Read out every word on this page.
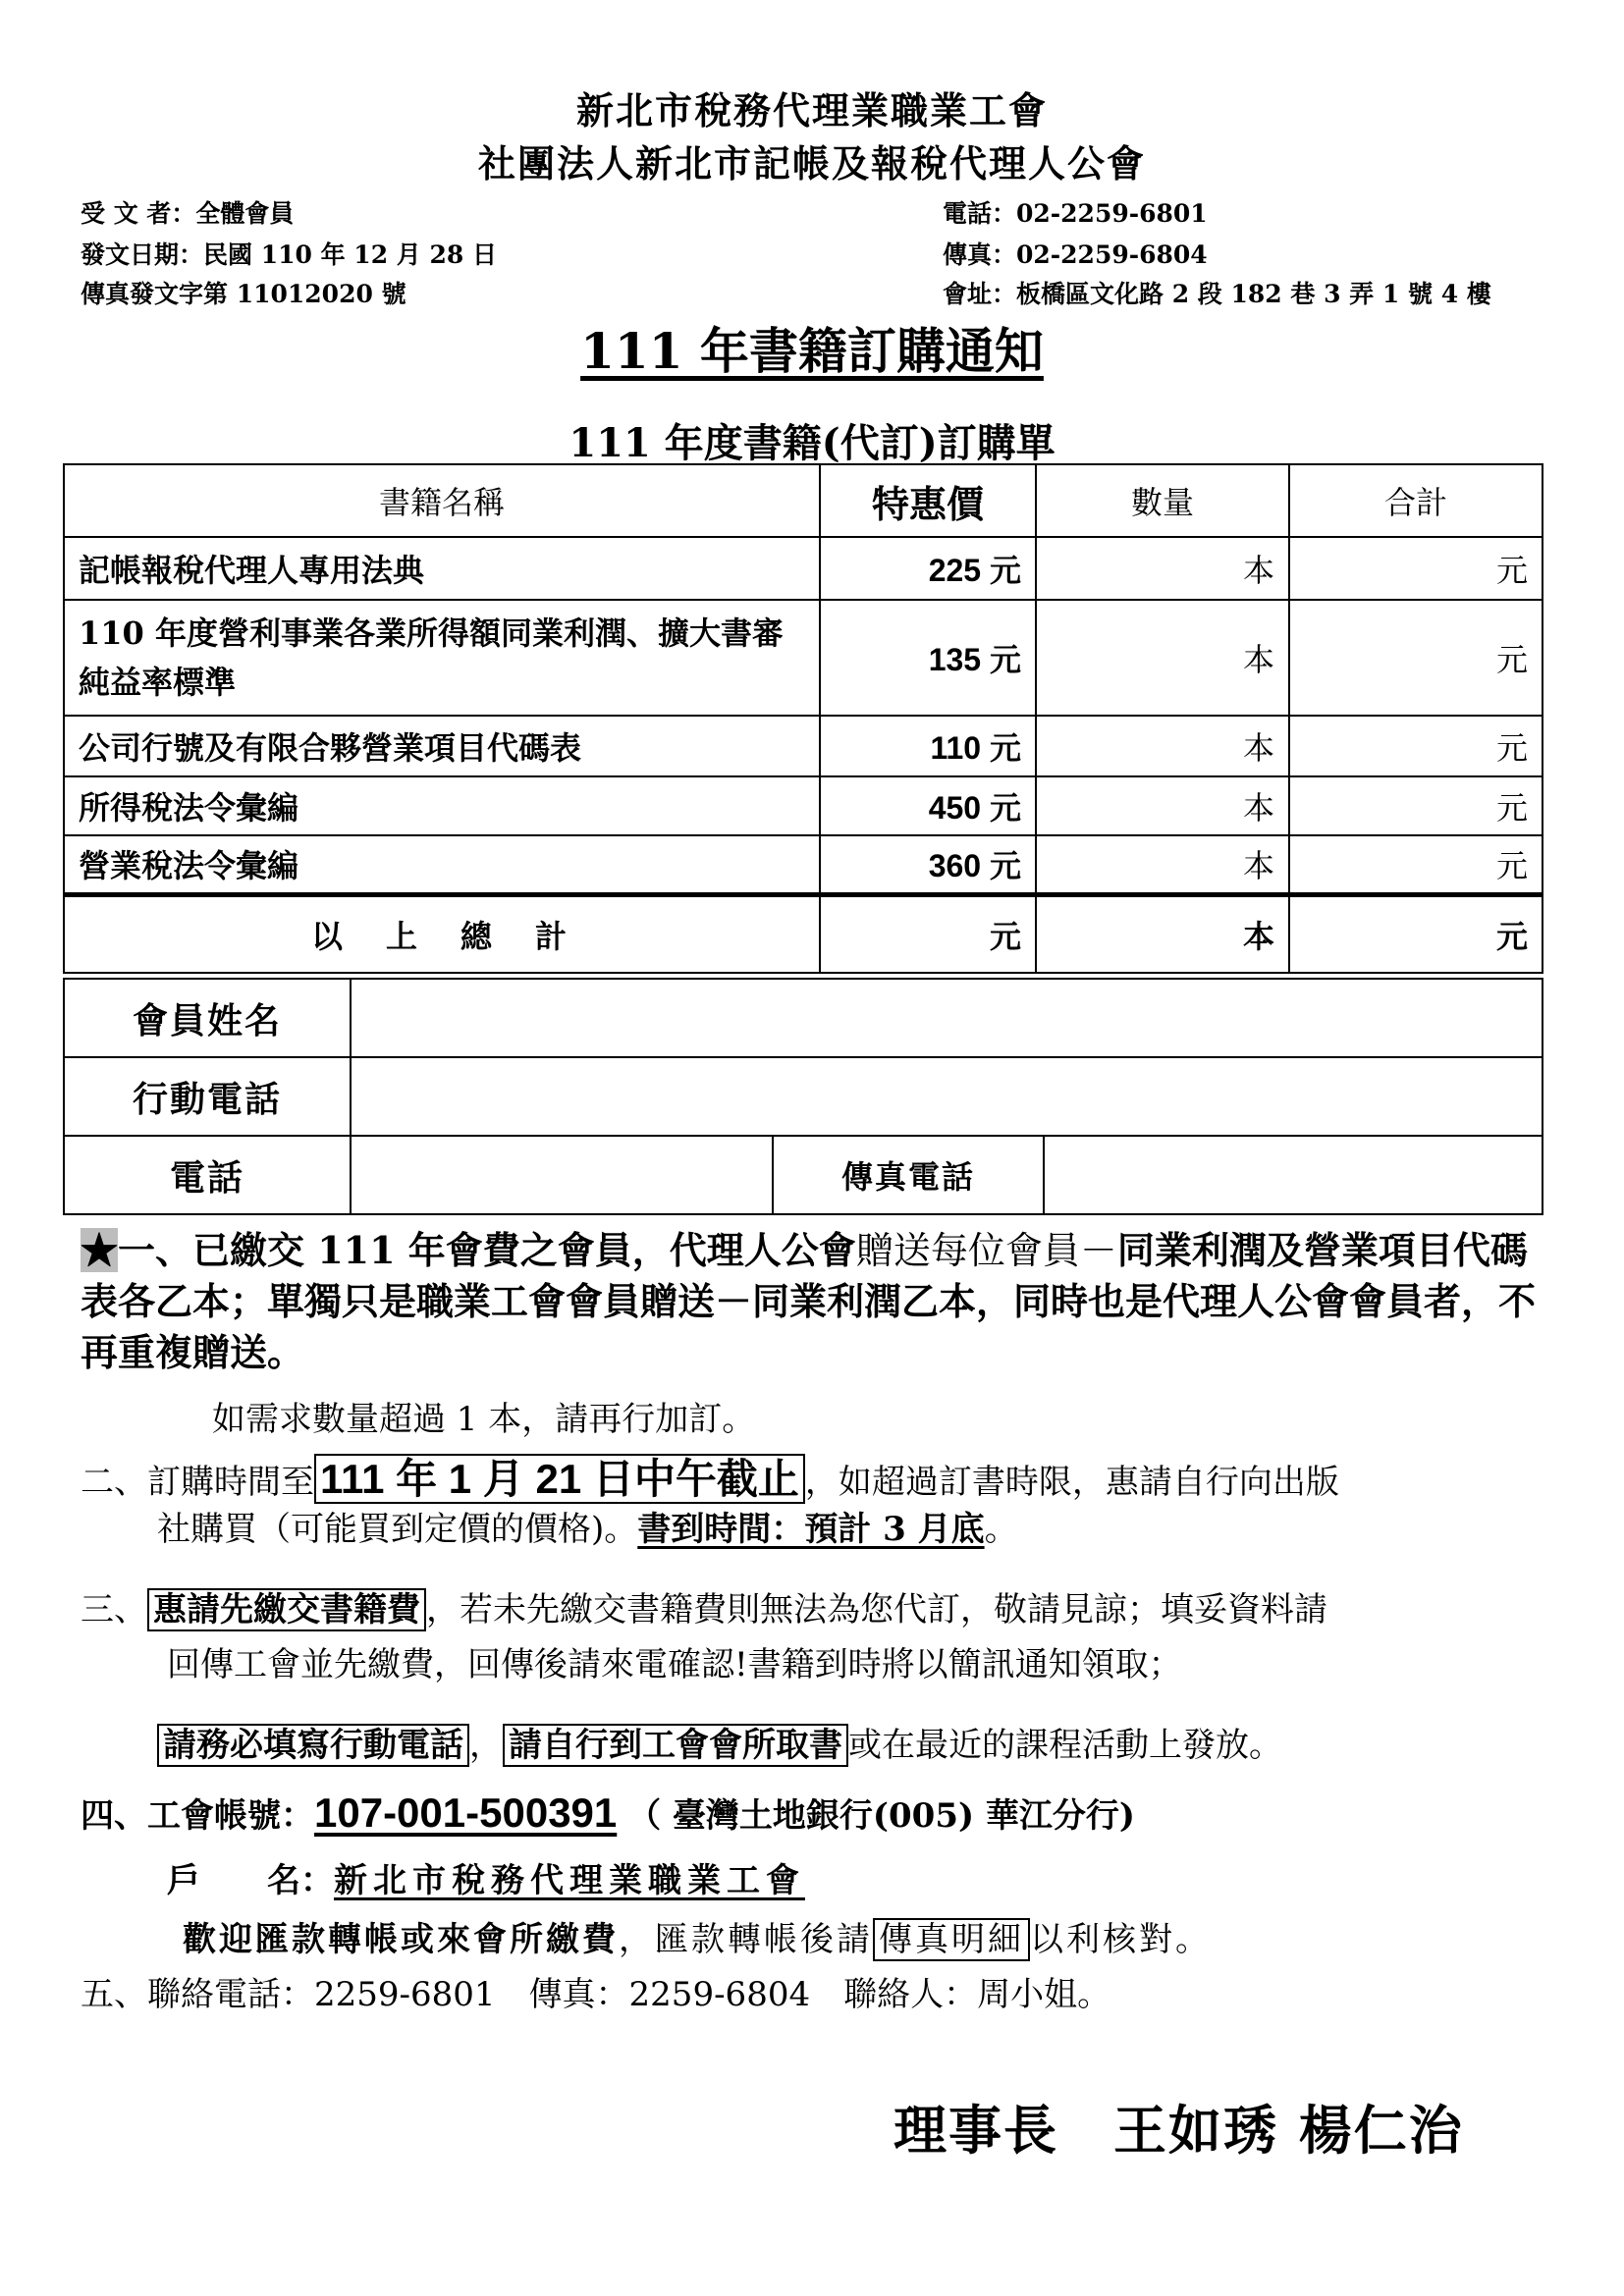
新北市稅務代理業職業工會
社團法人新北市記帳及報稅代理人公會
受 文 者：全體會員
發文日期：民國 110 年 12 月 28 日
傳真發文字第 11012020 號
電話：02-2259-6801
傳真：02-2259-6804
會址：板橋區文化路 2 段 182 巷 3 弄 1 號 4 樓
111 年書籍訂購通知
111 年度書籍(代訂)訂購單
書籍名稱	特惠價	數量	合計
記帳報稅代理人專用法典	225 元	本　　　　　	元
110 年度營利事業各業所得額同業利潤、擴大書審純益率標準	135 元	本　　　　　	元
公司行號及有限合夥營業項目代碼表	110 元	本　　　　　	元
所得稅法令彙編	450 元	本　　　　　	元
營業稅法令彙編	360 元	本　　　　　	元
以　上　總　計	元	本　　　　　	元
會員姓名			
行動電話			
電話		傳真電話	
★一、已繳交 111 年會費之會員，代理人公會贈送每位會員－同業利潤及營業項目代碼表各乙本；單獨只是職業工會會員贈送－同業利潤乙本，同時也是代理人公會會員者，不再重複贈送。
如需求數量超過 1 本，請再行加訂。
二、訂購時間至 111 年 1 月 21 日中午截止 ，如超過訂書時限，惠請自行向出版
社購買（可能買到定價的價格)。書到時間：預計 3 月底。
三、 惠請先繳交書籍費 ，若未先繳交書籍費則無法為您代訂，敬請見諒；填妥資料請
回傳工會並先繳費，回傳後請來電確認!書籍到時將以簡訊通知領取；
請務必填寫行動電話 ， 請自行到工會會所取書 或在最近的課程活動上發放。
四、工會帳號：107-001-500391 （ 臺灣土地銀行(005) 華江分行)
戶　　名：新北市稅務代理業職業工會
歡迎匯款轉帳或來會所繳費，匯款轉帳後請 傳真明細 以利核對。
五、聯絡電話：2259-6801　傳真：2259-6804　聯絡人：周小姐。
理事長　王如琇 楊仁治
